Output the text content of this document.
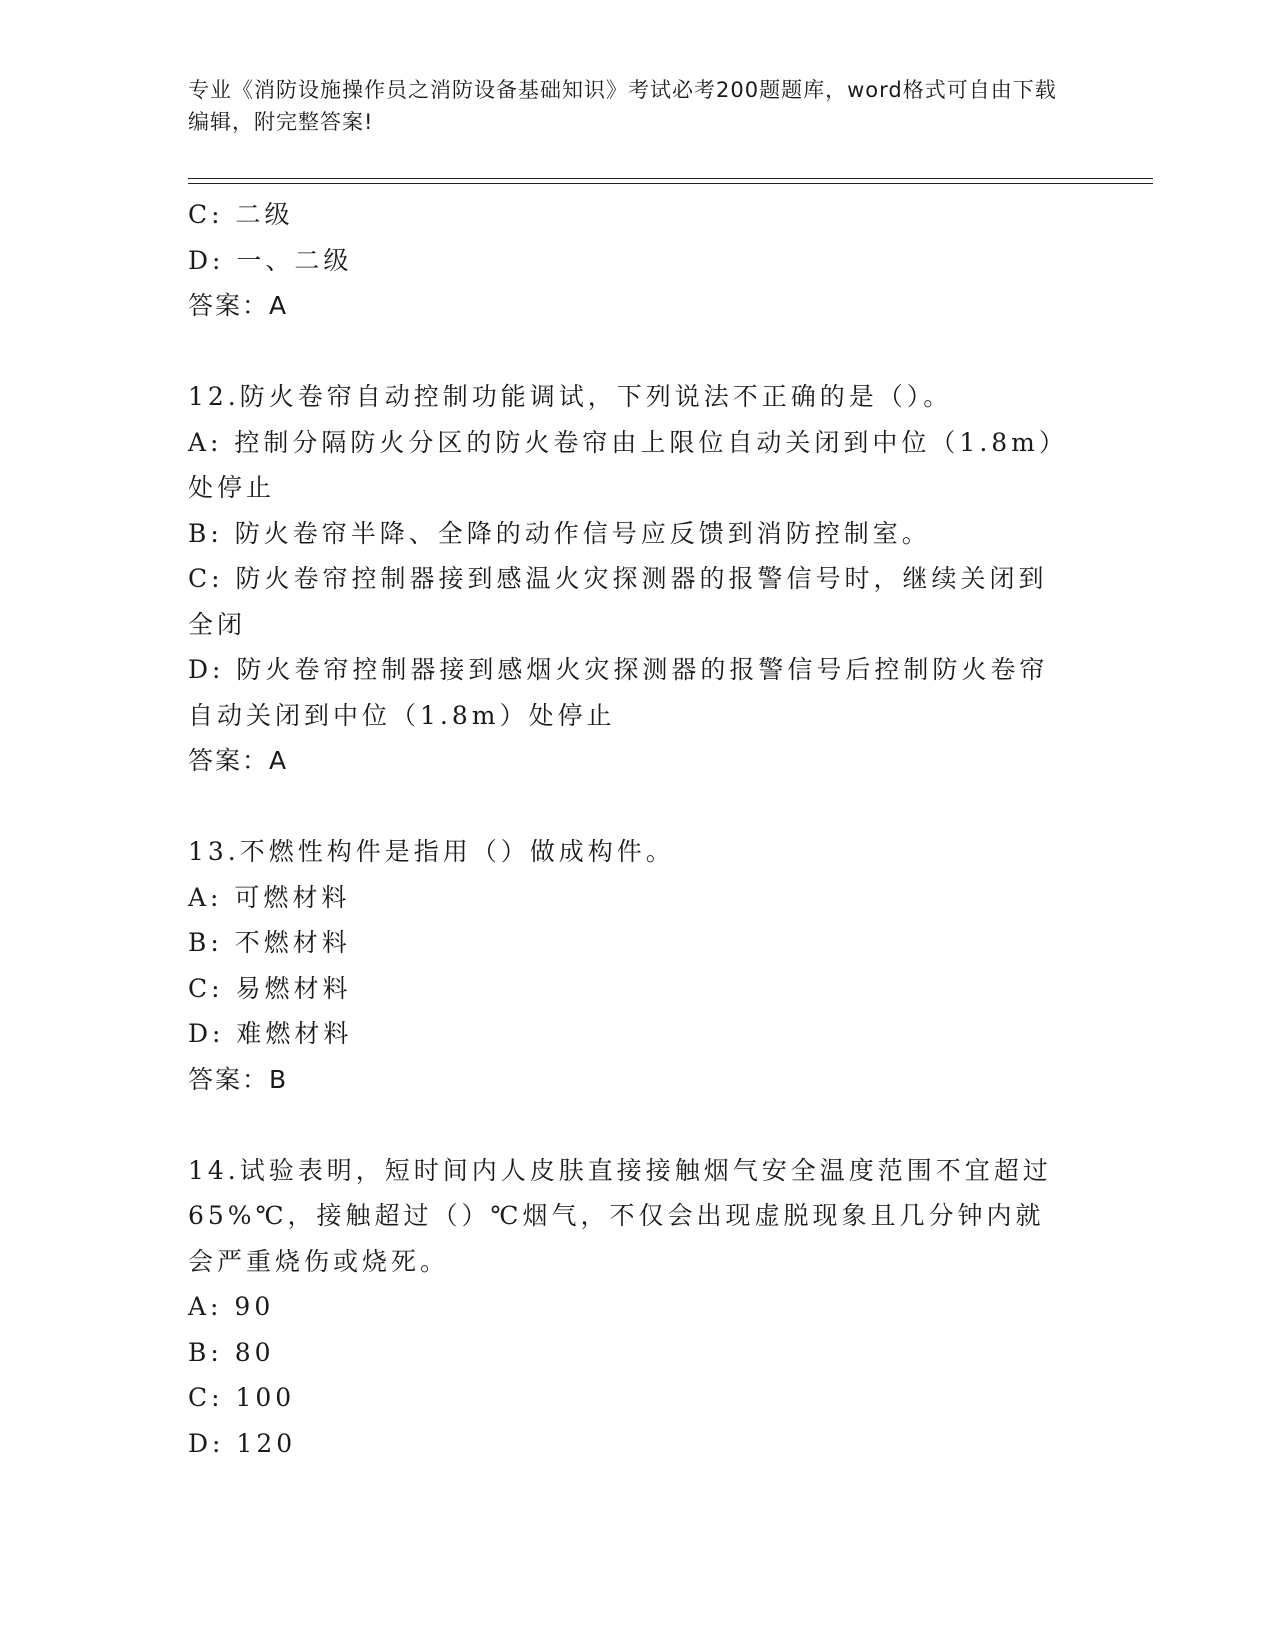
专业《消防设施操作员之消防设备基础知识》考试必考200题题库，word格式可自由下载编辑，附完整答案!

C: 二级

D: 一、二级

答案：A

12.防火卷帘自动控制功能调试，下列说法不正确的是（）。

A: 控制分隔防火分区的防火卷帘由上限位自动关闭到中位（1.8m）处停止

B: 防火卷帘半降、全降的动作信号应反馈到消防控制室。

C: 防火卷帘控制器接到感温火灾探测器的报警信号时，继续关闭到全闭

D: 防火卷帘控制器接到感烟火灾探测器的报警信号后控制防火卷帘自动关闭到中位（1.8m）处停止

答案：A

13.不燃性构件是指用（）做成构件。

A: 可燃材料

B: 不燃材料

C: 易燃材料

D: 难燃材料

答案：B

14.试验表明，短时间内人皮肤直接接触烟气安全温度范围不宜超过65%℃，接触超过（）℃烟气，不仅会出现虚脱现象且几分钟内就会严重烧伤或烧死。

A: 90

B: 80

C: 100

D: 120
